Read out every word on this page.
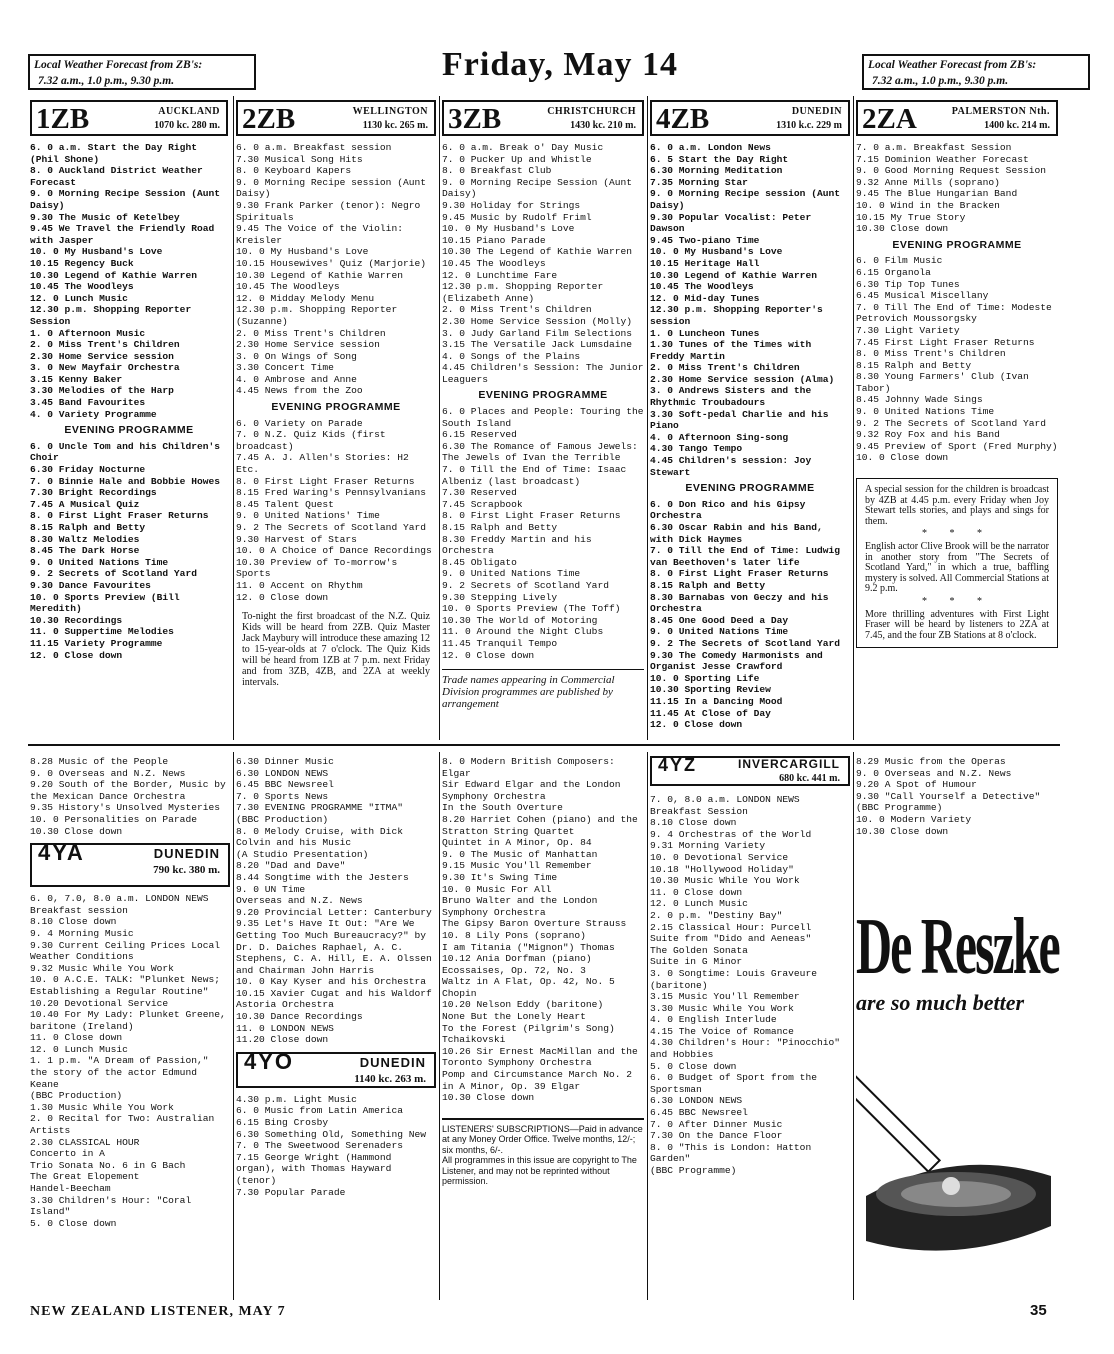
Local Weather Forecast from ZB's:
7.32 a.m., 1.0 p.m., 9.30 p.m.	Friday, May 14	Local Weather Forecast from ZB's:
7.32 a.m., 1.0 p.m., 9.30 p.m.
1ZB	AUCKLAND
1070 kc. 280 m.
6. 0 a.m. Start the Day Right (Phil Shone)
8. 0 Auckland District Weather Forecast
9. 0 Morning Recipe Session (Aunt Daisy)
9.30 The Music of Ketelbey
9.45 We Travel the Friendly Road with Jasper
10. 0 My Husband's Love
10.15 Regency Buck
10.30 Legend of Kathie Warren
10.45 The Woodleys
12. 0 Lunch Music
12.30 p.m. Shopping Reporter Session
1. 0 Afternoon Music
2. 0 Miss Trent's Children
2.30 Home Service session
3. 0 New Mayfair Orchestra
3.15 Kenny Baker
3.30 Melodies of the Harp
3.45 Band Favourites
4. 0 Variety Programme
EVENING PROGRAMME
6. 0 Uncle Tom and his Children's Choir
6.30 Friday Nocturne
7. 0 Binnie Hale and Bobbie Howes
7.30 Bright Recordings
7.45 A Musical Quiz
8. 0 First Light Fraser Returns
8.15 Ralph and Betty
8.30 Waltz Melodies
8.45 The Dark Horse
9. 0 United Nations Time
9. 2 Secrets of Scotland Yard
9.30 Dance Favourites
10. 0 Sports Preview (Bill Meredith)
10.30 Recordings
11. 0 Suppertime Melodies
11.15 Variety Programme
12. 0 Close down
2ZB	WELLINGTON
1130 kc. 265 m.
6. 0 a.m. Breakfast session
7.30 Musical Song Hits
8. 0 Keyboard Kapers
9. 0 Morning Recipe session (Aunt Daisy)
9.30 Frank Parker (tenor): Negro Spirituals
9.45 The Voice of the Violin: Kreisler
10. 0 My Husband's Love
10.15 Housewives' Quiz (Marjorie)
10.30 Legend of Kathie Warren
10.45 The Woodleys
12. 0 Midday Melody Menu
12.30 p.m. Shopping Reporter (Suzanne)
2. 0 Miss Trent's Children
2.30 Home Service session
3. 0 On Wings of Song
3.30 Concert Time
4. 0 Ambrose and Anne
4.45 News from the Zoo
EVENING PROGRAMME
6. 0 Variety on Parade
7. 0 N.Z. Quiz Kids (first broadcast)
7.45 A. J. Allen's Stories: H2 Etc.
8. 0 First Light Fraser Returns
8.15 Fred Waring's Pennsylvanians
8.45 Talent Quest
9. 0 United Nations' Time
9. 2 The Secrets of Scotland Yard
9.30 Harvest of Stars
10. 0 A Choice of Dance Recordings
10.30 Preview of To-morrow's Sports
11. 0 Accent on Rhythm
12. 0 Close down
To-night the first broadcast of the N.Z. Quiz Kids will be heard from 2ZB. Quiz Master Jack Maybury will introduce these amazing 12 to 15-year-olds at 7 o'clock. The Quiz Kids will be heard from 1ZB at 7 p.m. next Friday and from 3ZB, 4ZB, and 2ZA at weekly intervals.
3ZB	CHRISTCHURCH
1430 kc. 210 m.
6. 0 a.m. Break o' Day Music
7. 0 Pucker Up and Whistle
8. 0 Breakfast Club
9. 0 Morning Recipe Session (Aunt Daisy)
9.30 Holiday for Strings
9.45 Music by Rudolf Friml
10. 0 My Husband's Love
10.15 Piano Parade
10.30 The Legend of Kathie Warren
10.45 The Woodleys
12. 0 Lunchtime Fare
12.30 p.m. Shopping Reporter (Elizabeth Anne)
2. 0 Miss Trent's Children
2.30 Home Service Session (Molly)
3. 0 Judy Garland Film Selections
3.15 The Versatile Jack Lumsdaine
4. 0 Songs of the Plains
4.45 Children's Session: The Junior Leaguers
EVENING PROGRAMME
6. 0 Places and People: Touring the South Island
6.15 Reserved
6.30 The Romance of Famous Jewels: The Jewels of Ivan the Terrible
7. 0 Till the End of Time: Isaac Albeniz (last broadcast)
7.30 Reserved
7.45 Scrapbook
8. 0 First Light Fraser Returns
8.15 Ralph and Betty
8.30 Freddy Martin and his Orchestra
8.45 Obligato
9. 0 United Nations Time
9. 2 Secrets of Scotland Yard
9.30 Stepping Lively
10. 0 Sports Preview (The Toff)
10.30 The World of Motoring
11. 0 Around the Night Clubs
11.45 Tranquil Tempo
12. 0 Close down
Trade names appearing in Commercial Division programmes are published by arrangement
4ZB	DUNEDIN
1310 k.c. 229 m
6. 0 a.m. London News
6. 5 Start the Day Right
6.30 Morning Meditation
7.35 Morning Star
9. 0 Morning Recipe session (Aunt Daisy)
9.30 Popular Vocalist: Peter Dawson
9.45 Two-piano Time
10. 0 My Husband's Love
10.15 Heritage Hall
10.30 Legend of Kathie Warren
10.45 The Woodleys
12. 0 Mid-day Tunes
12.30 p.m. Shopping Reporter's session
1. 0 Luncheon Tunes
1.30 Tunes of the Times with Freddy Martin
2. 0 Miss Trent's Children
2.30 Home Service session (Alma)
3. 0 Andrews Sisters and the Rhythmic Troubadours
3.30 Soft-pedal Charlie and his Piano
4. 0 Afternoon Sing-song
4.30 Tango Tempo
4.45 Children's session: Joy Stewart
EVENING PROGRAMME
6. 0 Don Rico and his Gipsy Orchestra
6.30 Oscar Rabin and his Band, with Dick Haymes
7. 0 Till the End of Time: Ludwig van Beethoven's later life
8. 0 First Light Fraser Returns
8.15 Ralph and Betty
8.30 Barnabas von Geczy and his Orchestra
8.45 One Good Deed a Day
9. 0 United Nations Time
9. 2 The Secrets of Scotland Yard
9.30 The Comedy Harmonists and Organist Jesse Crawford
10. 0 Sporting Life
10.30 Sporting Review
11.15 In a Dancing Mood
11.45 At Close of Day
12. 0 Close down
2ZA	PALMERSTON Nth.
1400 kc. 214 m.
7. 0 a.m. Breakfast Session
7.15 Dominion Weather Forecast
9. 0 Good Morning Request Session
9.32 Anne Mills (soprano)
9.45 The Blue Hungarian Band
10. 0 Wind in the Bracken
10.15 My True Story
10.30 Close down
EVENING PROGRAMME
6. 0 Film Music
6.15 Organola
6.30 Tip Top Tunes
6.45 Musical Miscellany
7. 0 Till The End of Time: Modeste Petrovich Moussorgsky
7.30 Light Variety
7.45 First Light Fraser Returns
8. 0 Miss Trent's Children
8.15 Ralph and Betty
8.30 Young Farmers' Club (Ivan Tabor)
8.45 Johnny Wade Sings
9. 0 United Nations Time
9. 2 The Secrets of Scotland Yard
9.32 Roy Fox and his Band
9.45 Preview of Sport (Fred Murphy)
10. 0 Close down
A special session for the children is broadcast by 4ZB at 4.45 p.m. every Friday when Joy Stewart tells stories, and plays and sings for them.
* * *
English actor Clive Brook will be the narrator in another story from "The Secrets of Scotland Yard," in which a true, baffling mystery is solved. All Commercial Stations at 9.2 p.m.
* * *
More thrilling adventures with First Light Fraser will be heard by listeners to 2ZA at 7.45, and the four ZB Stations at 8 o'clock.
8.28 Music of the People
9. 0 Overseas and N.Z. News
9.20 South of the Border, Music by the Mexican Dance Orchestra
9.35 History's Unsolved Mysteries
10. 0 Personalities on Parade
10.30 Close down
4YA	DUNEDIN
790 kc. 380 m.
6. 0, 7.0, 8.0 a.m. LONDON NEWS Breakfast session
8.10 Close down
9. 4 Morning Music
9.30 Current Ceiling Prices Local Weather Conditions
9.32 Music While You Work
10. 0 A.C.E. TALK: "Plunket News; Establishing a Regular Routine"
10.20 Devotional Service
10.40 For My Lady: Plunket Greene, baritone (Ireland)
11. 0 Close down
12. 0 Lunch Music
1. 1 p.m. "A Dream of Passion," the story of the actor Edmund Keane
(BBC Production)
1.30 Music While You Work
2. 0 Recital for Two: Australian Artists
2.30 CLASSICAL HOUR
Concerto in A
Trio Sonata No. 6 in G Bach
The Great Elopement
Handel-Beecham
3.30 Children's Hour: "Coral Island"
5. 0 Close down
6.30 Dinner Music
6.30 LONDON NEWS
6.45 BBC Newsreel
7. 0 Sports News
7.30 EVENING PROGRAMME "ITMA"
(BBC Production)
8. 0 Melody Cruise, with Dick Colvin and his Music
(A Studio Presentation)
8.20 "Dad and Dave"
8.44 Songtime with the Jesters
9. 0 UN Time
Overseas and N.Z. News
9.20 Provincial Letter: Canterbury
9.35 Let's Have It Out: "Are We Getting Too Much Bureaucracy?" by Dr. D. Daiches Raphael, A. C. Stephens, C. A. Hill, E. A. Olssen and Chairman John Harris
10. 0 Kay Kyser and his Orchestra
10.15 Xavier Cugat and his Waldorf Astoria Orchestra
10.30 Dance Recordings
11. 0 LONDON NEWS
11.20 Close down
4YO	DUNEDIN
1140 kc. 263 m.
4.30 p.m. Light Music
6. 0 Music from Latin America
6.15 Bing Crosby
6.30 Something Old, Something New
7. 0 The Sweetwood Serenaders
7.15 George Wright (Hammond organ), with Thomas Hayward (tenor)
7.30 Popular Parade
8. 0 Modern British Composers: Elgar
Sir Edward Elgar and the London Symphony Orchestra
In the South Overture
8.20 Harriet Cohen (piano) and the Stratton String Quartet
Quintet in A Minor, Op. 84
9. 0 The Music of Manhattan
9.15 Music You'll Remember
9.30 It's Swing Time
10. 0 Music For All
Bruno Walter and the London Symphony Orchestra
The Gipsy Baron Overture Strauss
10. 8 Lily Pons (soprano)
I am Titania ("Mignon") Thomas
10.12 Ania Dorfman (piano)
Ecossaises, Op. 72, No. 3
Waltz in A Flat, Op. 42, No. 5 Chopin
10.20 Nelson Eddy (baritone)
None But the Lonely Heart
To the Forest (Pilgrim's Song) Tchaikovski
10.26 Sir Ernest MacMillan and the Toronto Symphony Orchestra
Pomp and Circumstance March No. 2 in A Minor, Op. 39 Elgar
10.30 Close down
LISTENERS' SUBSCRIPTIONS—Paid in advance at any Money Order Office. Twelve months, 12/-; six months, 6/-.
All programmes in this issue are copyright to The Listener, and may not be reprinted without permission.
4YZ	INVERCARGILL
680 kc. 441 m.
7. 0, 8.0 a.m. LONDON NEWS Breakfast Session
8.10 Close down
9. 4 Orchestras of the World
9.31 Morning Variety
10. 0 Devotional Service
10.18 "Hollywood Holiday"
10.30 Music While You Work
11. 0 Close down
12. 0 Lunch Music
2. 0 p.m. "Destiny Bay"
2.15 Classical Hour: Purcell
Suite from "Dido and Aeneas"
The Golden Sonata
Suite in G Minor
3. 0 Songtime: Louis Graveure (baritone)
3.15 Music You'll Remember
3.30 Music While You Work
4. 0 English Interlude
4.15 The Voice of Romance
4.30 Children's Hour: "Pinocchio" and Hobbies
5. 0 Close down
6. 0 Budget of Sport from the Sportsman
6.30 LONDON NEWS
6.45 BBC Newsreel
7. 0 After Dinner Music
7.30 On the Dance Floor
8. 0 "This is London: Hatton Garden"
(BBC Programme)
8.29 Music from the Operas
9. 0 Overseas and N.Z. News
9.20 A Spot of Humour
9.30 "Call Yourself a Detective" (BBC Programme)
10. 0 Modern Variety
10.30 Close down
De Reszke
are so much better
NEW ZEALAND LISTENER, MAY 7	35
